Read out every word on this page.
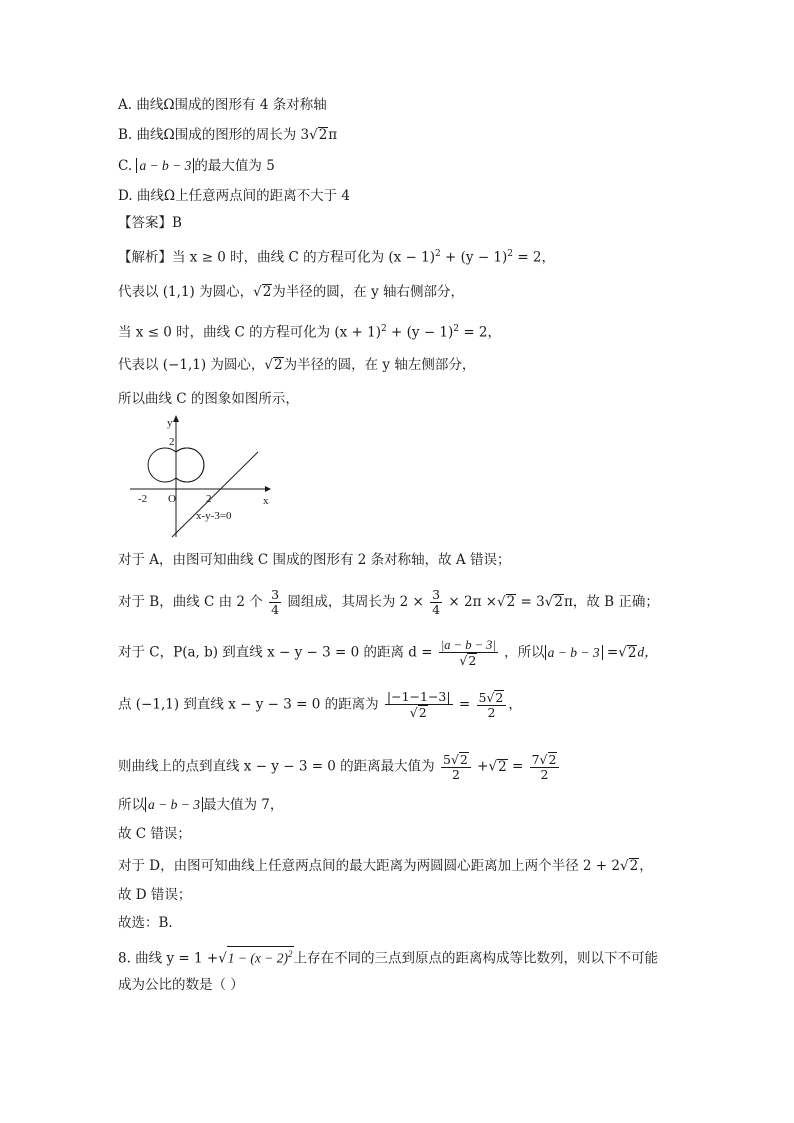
A. 曲线Ω围成的图形有 4 条对称轴
B. 曲线Ω围成的图形的周长为 3√2π
C. a − b − 3 的最大值为 5
D. 曲线Ω上任意两点间的距离不大于 4
【答案】B
【解析】当 x ≥ 0 时，曲线 C 的方程可化为 $(x - 1)^2 + (y - 1)^2 = 2$，
代表以 (1,1) 为圆心，√2为半径的圆，在 y 轴右侧部分，
当 x ≤ 0 时，曲线 C 的方程可化为 $(x + 1)^2 + (y - 1)^2 = 2$，
代表以 (−1,1) 为圆心，√2为半径的圆，在 y 轴左侧部分，
所以曲线 C 的图象如图所示，
y
x
O
-2	2
2
x-y-3=0
对于 A，由图可知曲线 C 围成的图形有 2 条对称轴，故 A 错误；
对于 B，曲线 C 由 2 个 $\frac{3}{4}$ 圆组成，其周长为 $2 \times \frac{3}{4} \times 2\pi \times√2 = 3√2\pi$，故 B 正确；
对于 C，P(a, b) 到直线 x − y − 3 = 0 的距离 $d = \frac{|a - b - 3|}{√2}$ ，所以 a − b − 3 =√2d，
点 (−1,1) 到直线 x − y − 3 = 0 的距离为 $\frac{|-1-1-3|}{√2} = \frac{5√2}{2}$ ，
则曲线上的点到直线 x − y − 3 = 0 的距离最大值为 $\frac{5√2}{2} +√2 = \frac{7√2}{2}$
所以 a − b − 3 最大值为 7，
故 C 错误；
对于 D，由图可知曲线上任意两点间的最大距离为两圆圆心距离加上两个半径 2 + 2√2，
故 D 错误；
故选：B.
8. 曲线 $y = 1 +√1 - (x - 2)^2$上存在不同的三点到原点的距离构成等比数列，则以下不可能
成为公比的数是（ ）
